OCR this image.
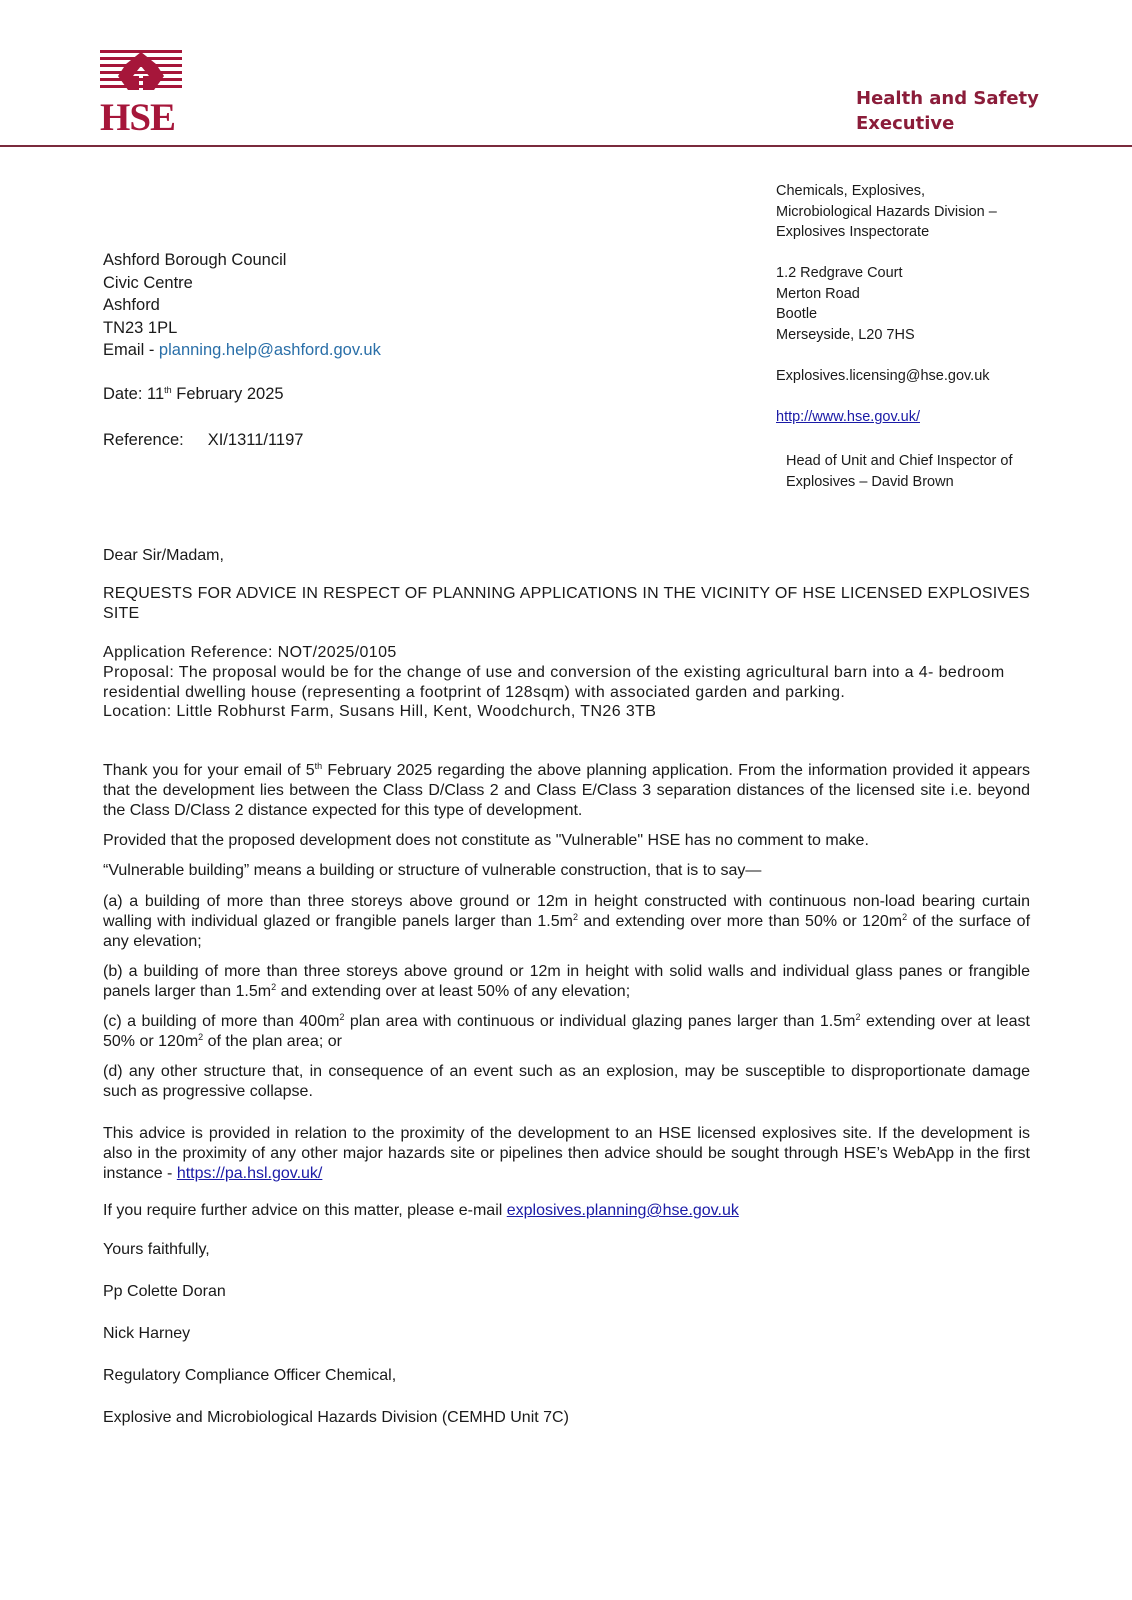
HSE	Health and Safety
Executive
Chemicals, Explosives,
Microbiological Hazards Division –
Explosives Inspectorate
1.2 Redgrave Court
Merton Road
Bootle
Merseyside, L20 7HS
Explosives.licensing@hse.gov.uk
http://www.hse.gov.uk/
Head of Unit and Chief Inspector of
Explosives – David Brown
Ashford Borough Council
Civic Centre
Ashford
TN23 1PL
Email - planning.help@ashford.gov.uk
Date: 11th February 2025
Reference: XI/1311/1197
Dear Sir/Madam,
REQUESTS FOR ADVICE IN RESPECT OF PLANNING APPLICATIONS IN THE VICINITY OF HSE LICENSED EXPLOSIVES SITE
Application Reference: NOT/2025/0105
Proposal: The proposal would be for the change of use and conversion of the existing agricultural barn into a 4- bedroom residential dwelling house (representing a footprint of 128sqm) with associated garden and parking.
Location: Little Robhurst Farm, Susans Hill, Kent, Woodchurch, TN26 3TB
Thank you for your email of 5th February 2025 regarding the above planning application. From the information provided it appears that the development lies between the Class D/Class 2 and Class E/Class 3 separation distances of the licensed site i.e. beyond the Class D/Class 2 distance expected for this type of development.
Provided that the proposed development does not constitute as "Vulnerable" HSE has no comment to make.
“Vulnerable building” means a building or structure of vulnerable construction, that is to say—
(a) a building of more than three storeys above ground or 12m in height constructed with continuous non-load bearing curtain walling with individual glazed or frangible panels larger than $1.5m^2$ and extending over more than 50% or $120m^2$ of the surface of any elevation;
(b) a building of more than three storeys above ground or 12m in height with solid walls and individual glass panes or frangible panels larger than $1.5m^2$ and extending over at least 50% of any elevation;
(c) a building of more than $400m^2$ plan area with continuous or individual glazing panes larger than $1.5m^2$ extending over at least 50% or $120m^2$ of the plan area; or
(d) any other structure that, in consequence of an event such as an explosion, may be susceptible to disproportionate damage such as progressive collapse.
This advice is provided in relation to the proximity of the development to an HSE licensed explosives site. If the development is also in the proximity of any other major hazards site or pipelines then advice should be sought through HSE’s WebApp in the first instance - https://pa.hsl.gov.uk/
If you require further advice on this matter, please e-mail explosives.planning@hse.gov.uk
Yours faithfully,
Pp Colette Doran
Nick Harney
Regulatory Compliance Officer Chemical,
Explosive and Microbiological Hazards Division (CEMHD Unit 7C)
